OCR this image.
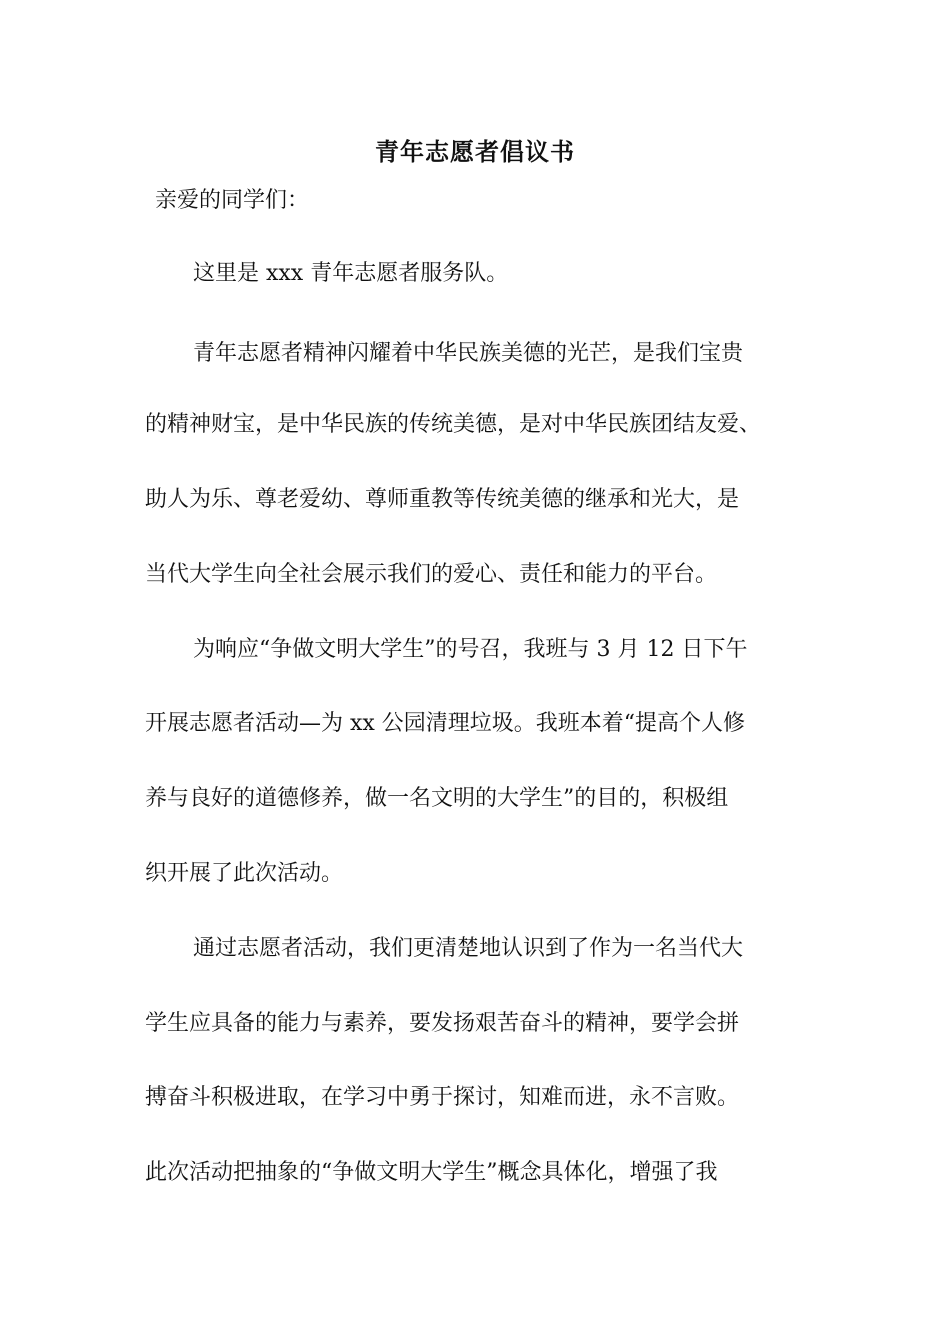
青年志愿者倡议书
亲爱的同学们：
这里是 xxx 青年志愿者服务队。
青年志愿者精神闪耀着中华民族美德的光芒，是我们宝贵
的精神财宝，是中华民族的传统美德，是对中华民族团结友爱、
助人为乐、尊老爱幼、尊师重教等传统美德的继承和光大，是
当代大学生向全社会展示我们的爱心、责任和能力的平台。
为响应“争做文明大学生”的号召，我班与 3 月 12 日下午
开展志愿者活动—为 xx 公园清理垃圾。我班本着“提高个人修
养与良好的道德修养，做一名文明的大学生”的目的，积极组
织开展了此次活动。
通过志愿者活动，我们更清楚地认识到了作为一名当代大
学生应具备的能力与素养，要发扬艰苦奋斗的精神，要学会拼
搏奋斗积极进取，在学习中勇于探讨，知难而进，永不言败。
此次活动把抽象的“争做文明大学生”概念具体化，增强了我
